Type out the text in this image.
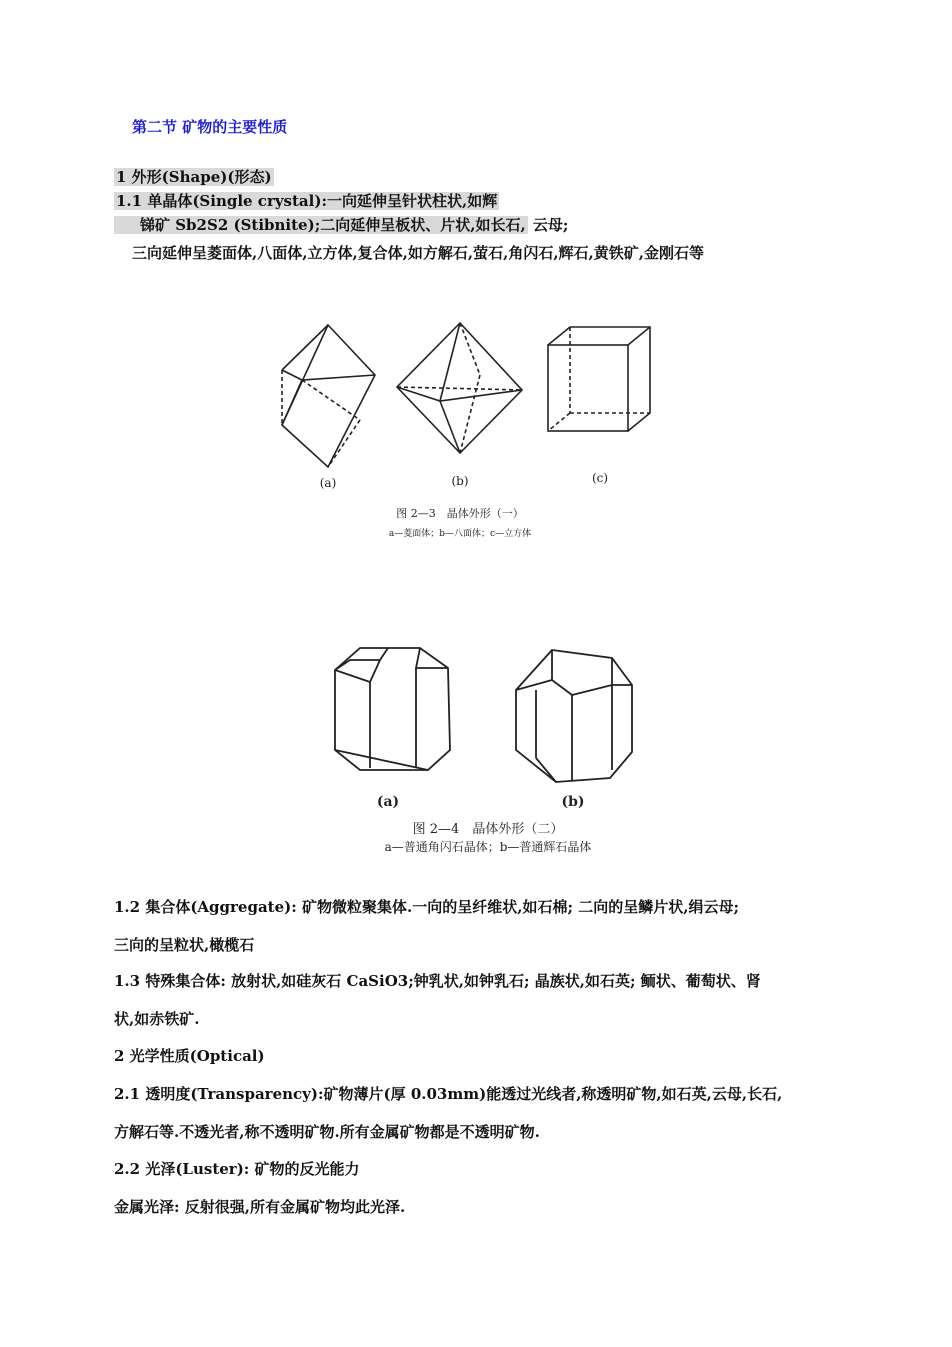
第二节 矿物的主要性质
1 外形(Shape)(形态)
1.1 单晶体(Single crystal):一向延伸呈针状柱状,如辉
锑矿 Sb2S2 (Stibnite);二向延伸呈板状、片状,如长石, 云母;
三向延伸呈菱面体,八面体,立方体,复合体,如方解石,萤石,角闪石,辉石,黄铁矿,金刚石等
(a)	(b)	(c)
图 2—3　晶体外形（一）
a—菱面体；b—八面体；c—立方体
(a)	(b)
图 2—4　晶体外形（二）
a—普通角闪石晶体；b—普通辉石晶体
1.2 集合体(Aggregate): 矿物微粒聚集体.一向的呈纤维状,如石棉; 二向的呈鳞片状,绢云母;
三向的呈粒状,橄榄石
1.3 特殊集合体: 放射状,如硅灰石 CaSiO3;钟乳状,如钟乳石; 晶族状,如石英; 鲕状、葡萄状、肾
状,如赤铁矿.
2 光学性质(Optical)
2.1 透明度(Transparency):矿物薄片(厚 0.03mm)能透过光线者,称透明矿物,如石英,云母,长石,
方解石等.不透光者,称不透明矿物.所有金属矿物都是不透明矿物.
2.2 光泽(Luster): 矿物的反光能力
金属光泽: 反射很强,所有金属矿物均此光泽.
